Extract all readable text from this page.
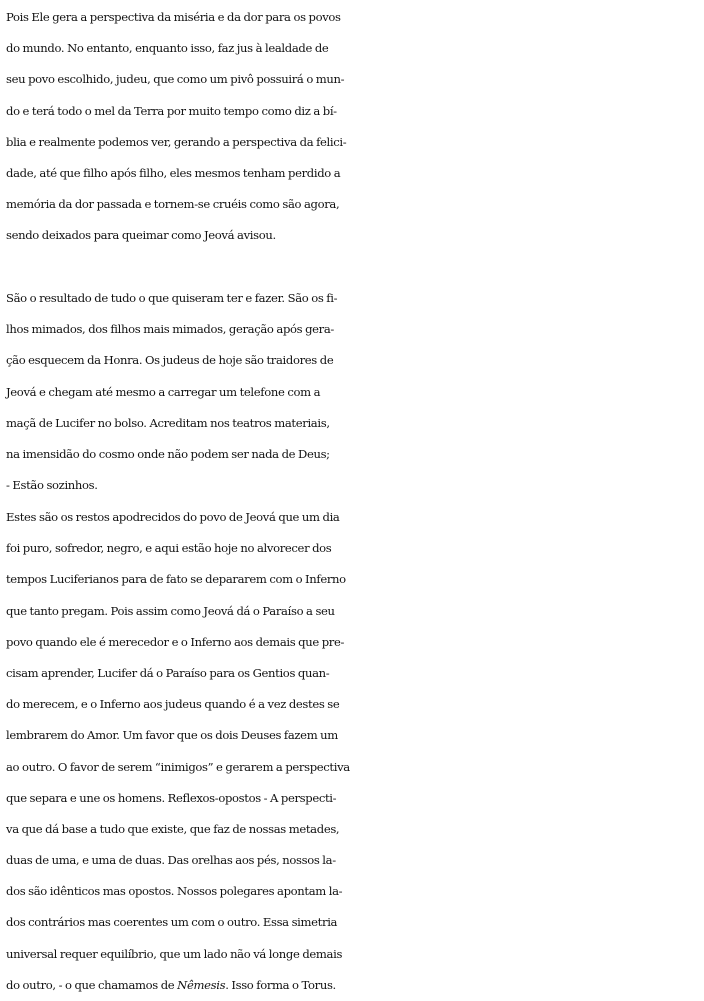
Pois Ele gera a perspectiva da miséria e da dor para os povos
do mundo. No entanto, enquanto isso, faz jus à lealdade de
seu povo escolhido, judeu, que como um pivô possuirá o mun-
do e terá todo o mel da Terra por muito tempo como diz a bí-
blia e realmente podemos ver, gerando a perspectiva da felici-
dade, até que filho após filho, eles mesmos tenham perdido a
memória da dor passada e tornem-se cruéis como são agora,
sendo deixados para queimar como Jeová avisou.
São o resultado de tudo o que quiseram ter e fazer. São os fi-
lhos mimados, dos filhos mais mimados, geração após gera-
ção esquecem da Honra. Os judeus de hoje são traidores de
Jeová e chegam até mesmo a carregar um telefone com a
maçã de Lucifer no bolso. Acreditam nos teatros materiais,
na imensidão do cosmo onde não podem ser nada de Deus;
- Estão sozinhos.
Estes são os restos apodrecidos do povo de Jeová que um dia
foi puro, sofredor, negro, e aqui estão hoje no alvorecer dos
tempos Luciferianos para de fato se depararem com o Inferno
que tanto pregam. Pois assim como Jeová dá o Paraíso a seu
povo quando ele é merecedor e o Inferno aos demais que pre-
cisam aprender, Lucifer dá o Paraíso para os Gentios quan-
do merecem, e o Inferno aos judeus quando é a vez destes se
lembrarem do Amor. Um favor que os dois Deuses fazem um
ao outro. O favor de serem “inimigos” e gerarem a perspectiva
que separa e une os homens. Reflexos-opostos - A perspecti-
va que dá base a tudo que existe, que faz de nossas metades,
duas de uma, e uma de duas. Das orelhas aos pés, nossos la-
dos são idênticos mas opostos. Nossos polegares apontam la-
dos contrários mas coerentes um com o outro. Essa simetria
universal requer equilíbrio, que um lado não vá longe demais
do outro, - o que chamamos de Nêmesis. Isso forma o Torus.
